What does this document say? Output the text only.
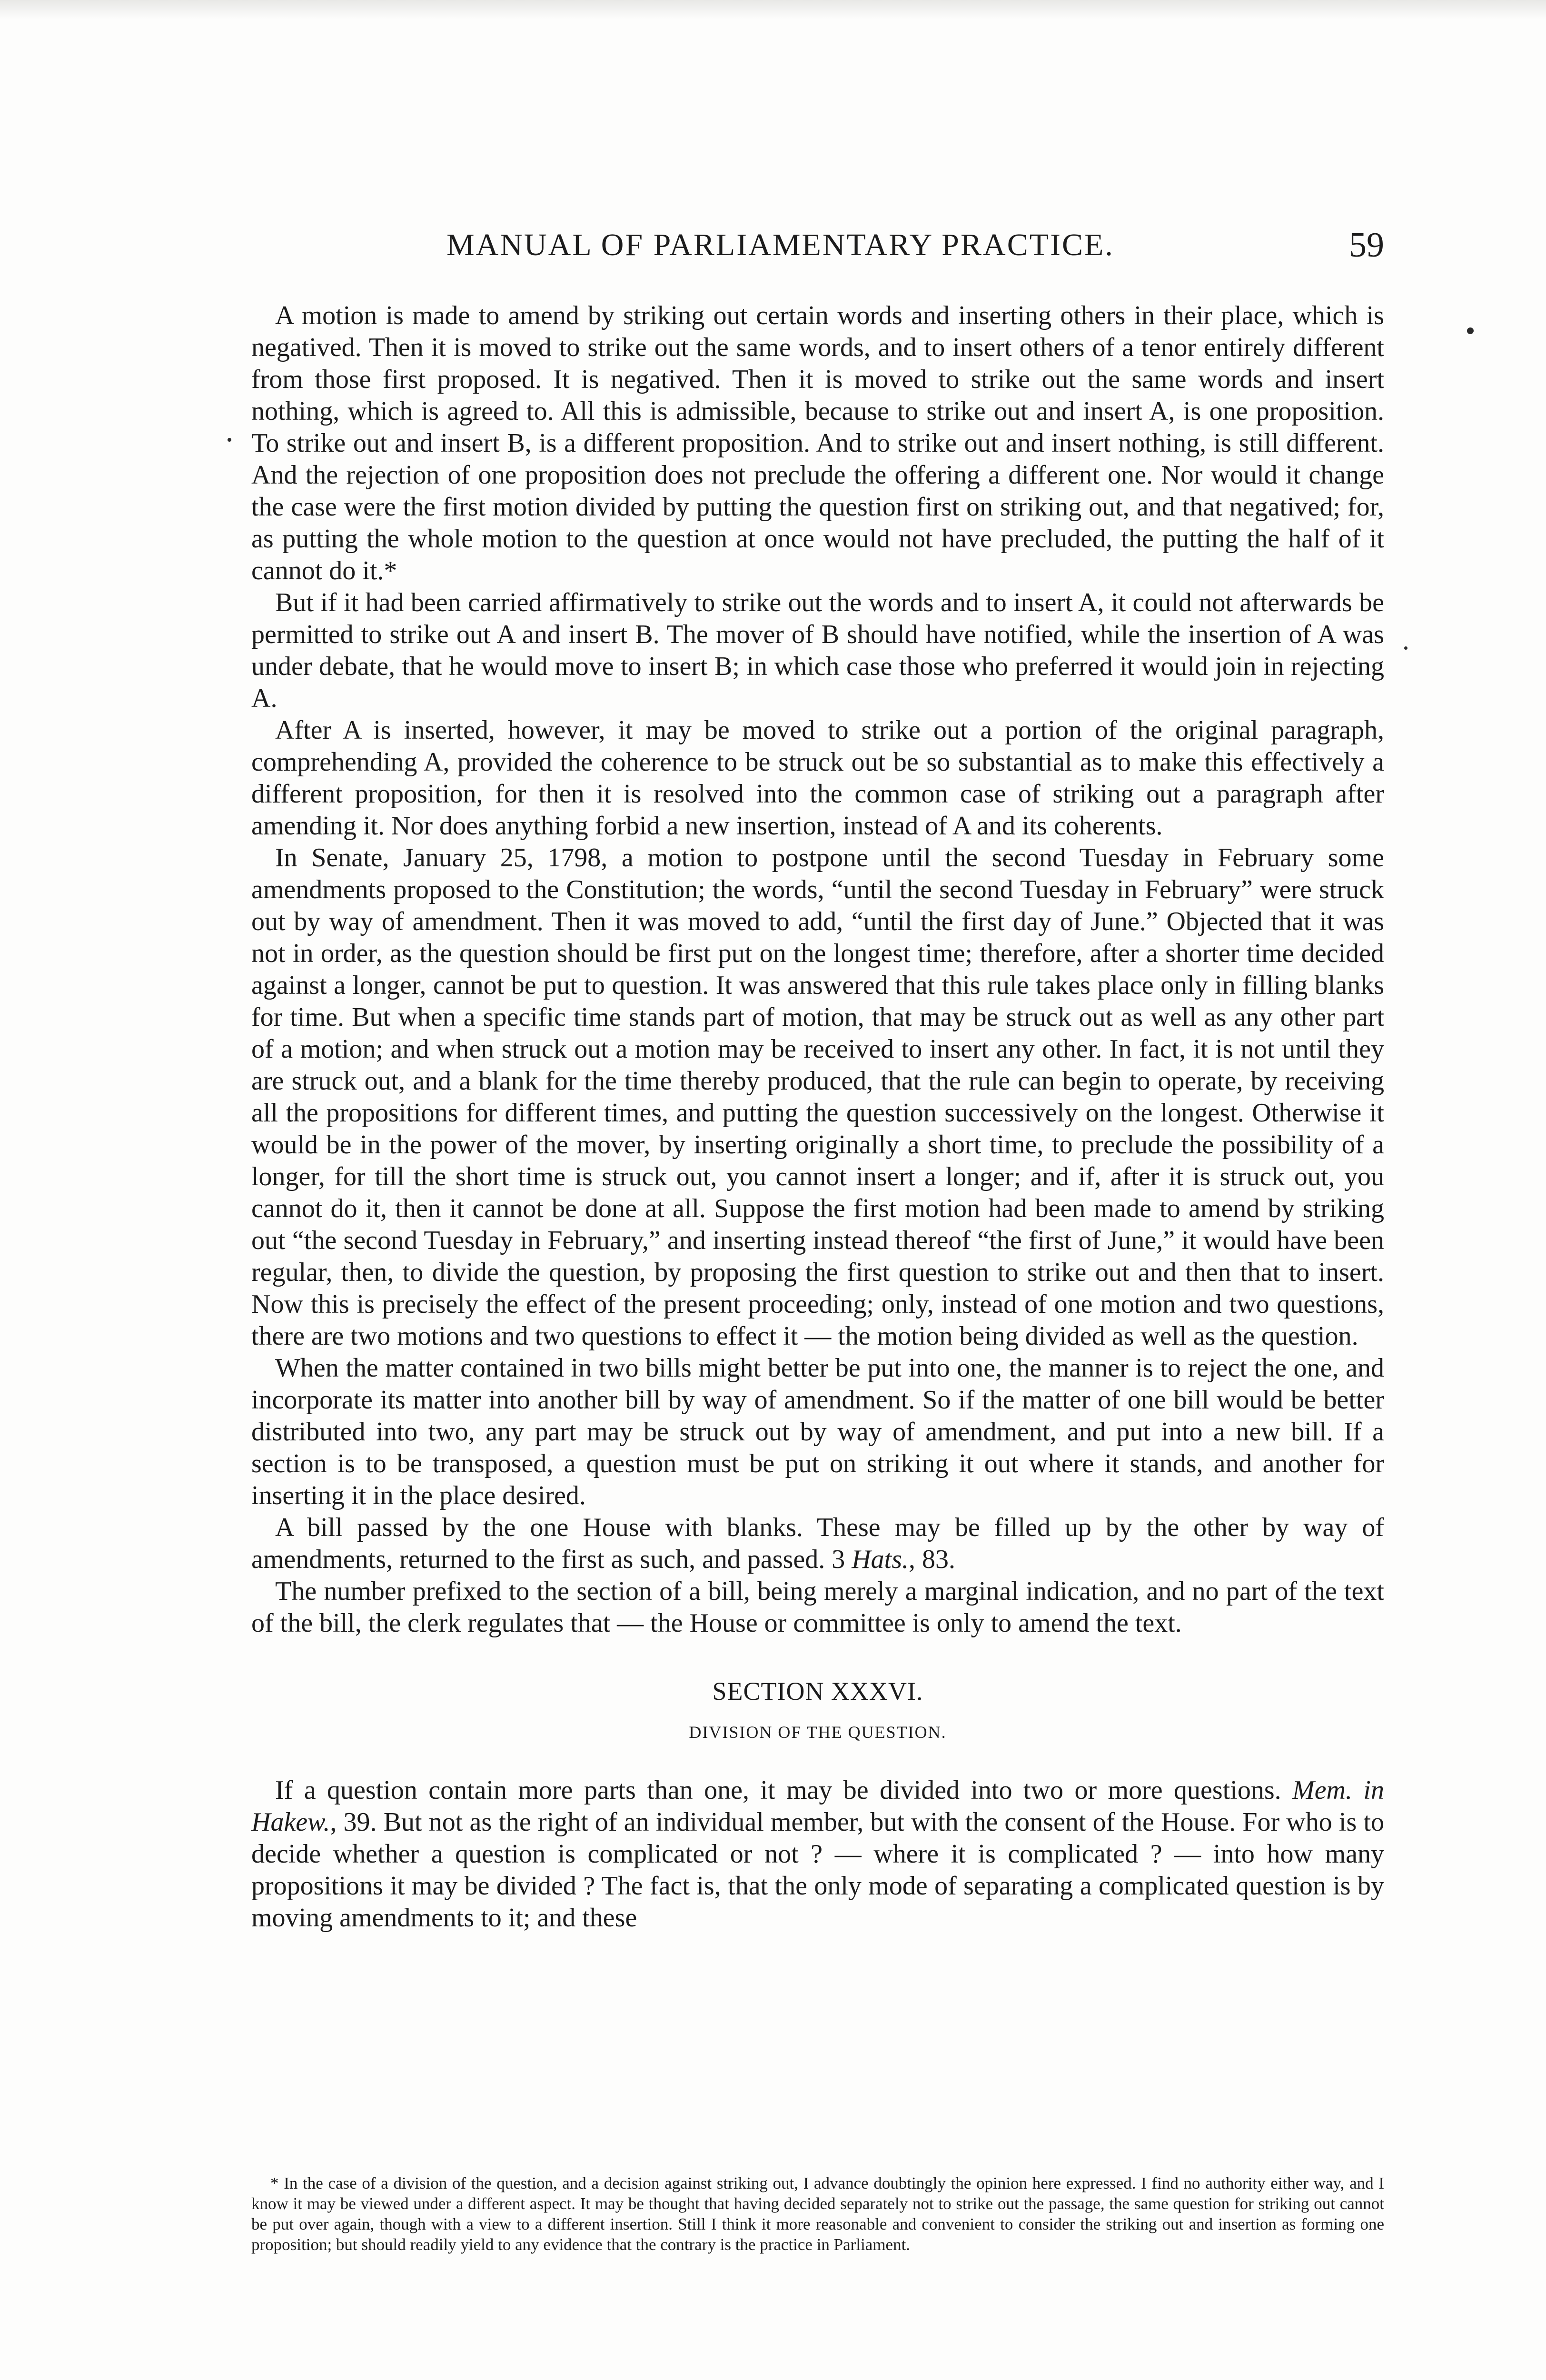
MANUAL OF PARLIAMENTARY PRACTICE.	59

A motion is made to amend by striking out certain words and inserting others in their place, which is negatived. Then it is moved to strike out the same words, and to insert others of a tenor entirely different from those first proposed. It is negatived. Then it is moved to strike out the same words and insert nothing, which is agreed to. All this is admissible, because to strike out and insert A, is one proposition. To strike out and insert B, is a different proposition. And to strike out and insert nothing, is still different. And the rejection of one proposition does not preclude the offering a different one. Nor would it change the case were the first motion divided by putting the question first on striking out, and that negatived; for, as putting the whole motion to the question at once would not have precluded, the putting the half of it cannot do it.*

But if it had been carried affirmatively to strike out the words and to insert A, it could not afterwards be permitted to strike out A and insert B. The mover of B should have notified, while the insertion of A was under debate, that he would move to insert B; in which case those who preferred it would join in rejecting A.

After A is inserted, however, it may be moved to strike out a portion of the original paragraph, comprehending A, provided the coherence to be struck out be so substantial as to make this effectively a different proposition, for then it is resolved into the common case of striking out a paragraph after amending it. Nor does anything forbid a new insertion, instead of A and its coherents.

In Senate, January 25, 1798, a motion to postpone until the second Tuesday in February some amendments proposed to the Constitution; the words, “until the second Tuesday in February” were struck out by way of amendment. Then it was moved to add, “until the first day of June.” Objected that it was not in order, as the question should be first put on the longest time; therefore, after a shorter time decided against a longer, cannot be put to question. It was answered that this rule takes place only in filling blanks for time. But when a specific time stands part of motion, that may be struck out as well as any other part of a motion; and when struck out a motion may be received to insert any other. In fact, it is not until they are struck out, and a blank for the time thereby produced, that the rule can begin to operate, by receiving all the propositions for different times, and putting the question successively on the longest. Otherwise it would be in the power of the mover, by inserting originally a short time, to preclude the possibility of a longer, for till the short time is struck out, you cannot insert a longer; and if, after it is struck out, you cannot do it, then it cannot be done at all. Suppose the first motion had been made to amend by striking out “the second Tuesday in February,” and inserting instead thereof “the first of June,” it would have been regular, then, to divide the question, by proposing the first question to strike out and then that to insert. Now this is precisely the effect of the present proceeding; only, instead of one motion and two questions, there are two motions and two questions to effect it — the motion being divided as well as the question.

When the matter contained in two bills might better be put into one, the manner is to reject the one, and incorporate its matter into another bill by way of amendment. So if the matter of one bill would be better distributed into two, any part may be struck out by way of amendment, and put into a new bill. If a section is to be transposed, a question must be put on striking it out where it stands, and another for inserting it in the place desired.

A bill passed by the one House with blanks. These may be filled up by the other by way of amendments, returned to the first as such, and passed. 3 Hats., 83.

The number prefixed to the section of a bill, being merely a marginal indication, and no part of the text of the bill, the clerk regulates that — the House or committee is only to amend the text.

SECTION XXXVI.
DIVISION OF THE QUESTION.

If a question contain more parts than one, it may be divided into two or more questions. Mem. in Hakew., 39. But not as the right of an individual member, but with the consent of the House. For who is to decide whether a question is complicated or not ? — where it is complicated ? — into how many propositions it may be divided ? The fact is, that the only mode of separating a complicated question is by moving amendments to it; and these

* In the case of a division of the question, and a decision against striking out, I advance doubtingly the opinion here expressed. I find no authority either way, and I know it may be viewed under a different aspect. It may be thought that having decided separately not to strike out the passage, the same question for striking out cannot be put over again, though with a view to a different insertion. Still I think it more reasonable and convenient to consider the striking out and insertion as forming one proposition; but should readily yield to any evidence that the contrary is the practice in Parliament.
